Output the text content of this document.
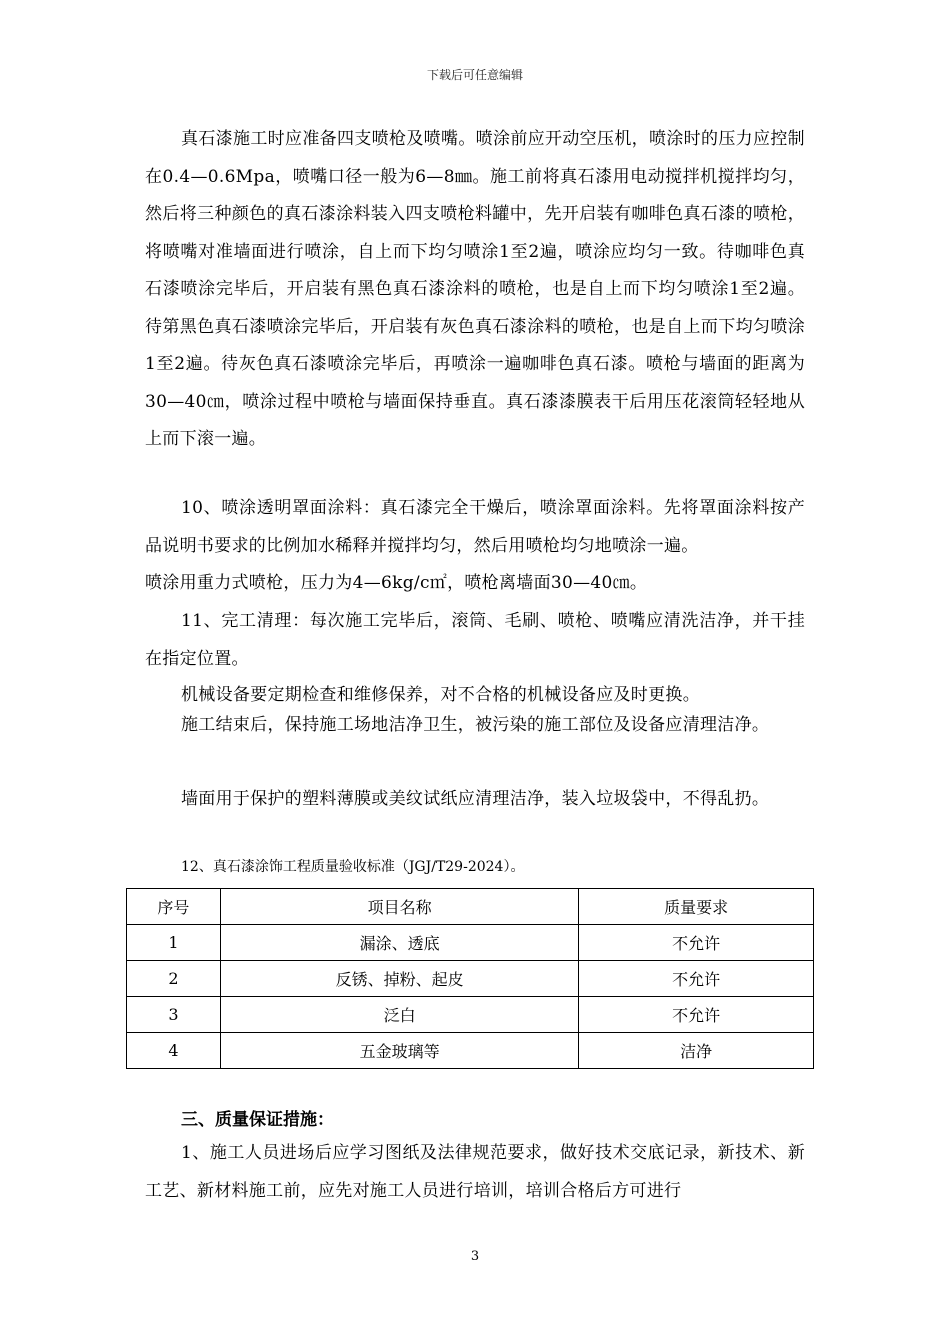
下载后可任意编辑
真石漆施工时应准备四支喷枪及喷嘴。喷涂前应开动空压机，喷涂时的压力应控制在0.4—0.6Mpa，喷嘴口径一般为6—8㎜。施工前将真石漆用电动搅拌机搅拌均匀，然后将三种颜色的真石漆涂料装入四支喷枪料罐中，先开启装有咖啡色真石漆的喷枪，将喷嘴对准墙面进行喷涂，自上而下均匀喷涂1至2遍，喷涂应均匀一致。待咖啡色真石漆喷涂完毕后，开启装有黑色真石漆涂料的喷枪，也是自上而下均匀喷涂1至2遍。待第黑色真石漆喷涂完毕后，开启装有灰色真石漆涂料的喷枪，也是自上而下均匀喷涂1至2遍。待灰色真石漆喷涂完毕后，再喷涂一遍咖啡色真石漆。喷枪与墙面的距离为30—40㎝，喷涂过程中喷枪与墙面保持垂直。真石漆漆膜表干后用压花滚筒轻轻地从上而下滚一遍。
10、喷涂透明罩面涂料：真石漆完全干燥后，喷涂罩面涂料。先将罩面涂料按产品说明书要求的比例加水稀释并搅拌均匀，然后用喷枪均匀地喷涂一遍。
喷涂用重力式喷枪，压力为4—6kg/c㎡，喷枪离墙面30—40㎝。
11、完工清理：每次施工完毕后，滚筒、毛刷、喷枪、喷嘴应清洗洁净，并干挂在指定位置。
机械设备要定期检查和维修保养，对不合格的机械设备应及时更换。
施工结束后，保持施工场地洁净卫生，被污染的施工部位及设备应清理洁净。
墙面用于保护的塑料薄膜或美纹试纸应清理洁净，装入垃圾袋中，不得乱扔。
12、真石漆涂饰工程质量验收标准（JGJ/T29-2024）。
序号	项目名称	质量要求
1	漏涂、透底	不允许
2	反锈、掉粉、起皮	不允许
3	泛白	不允许
4	五金玻璃等	洁净
三、质量保证措施：
1、施工人员进场后应学习图纸及法律规范要求，做好技术交底记录，新技术、新工艺、新材料施工前，应先对施工人员进行培训，培训合格后方可进行
3
